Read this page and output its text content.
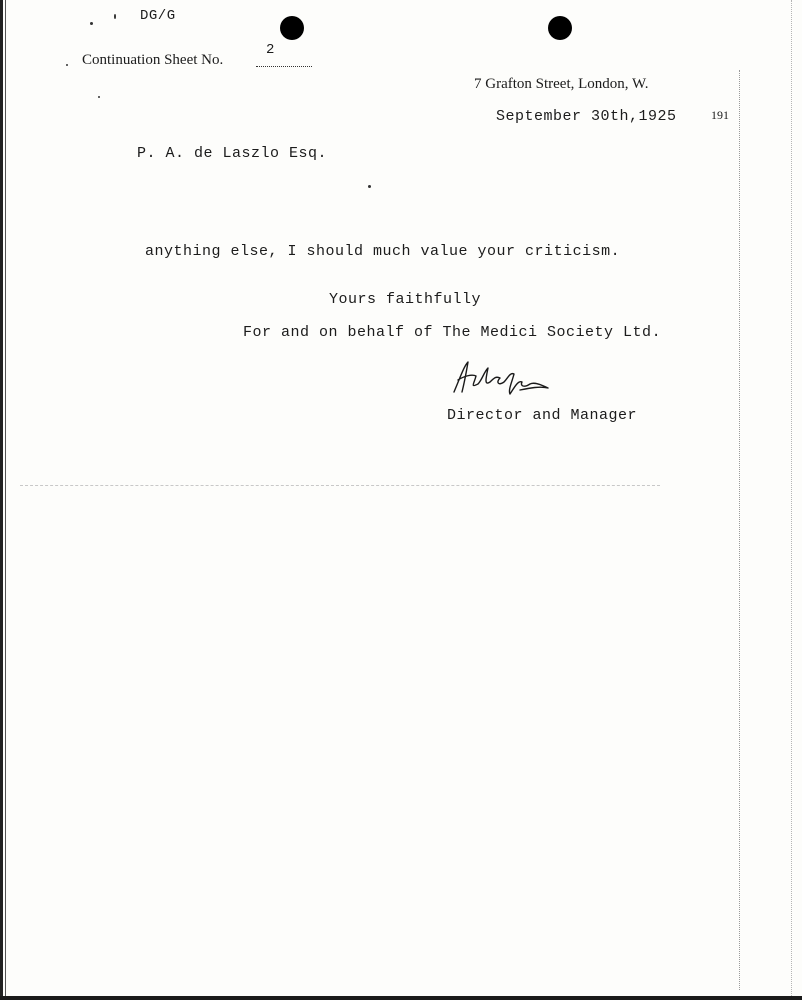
DG/G
Continuation Sheet No.
2
7 Grafton Street, London, W.
September 30th,1925	191
P. A. de Laszlo Esq.
anything else, I should much value your criticism.
Yours faithfully
For and on behalf of The Medici Society Ltd.
Director and Manager
